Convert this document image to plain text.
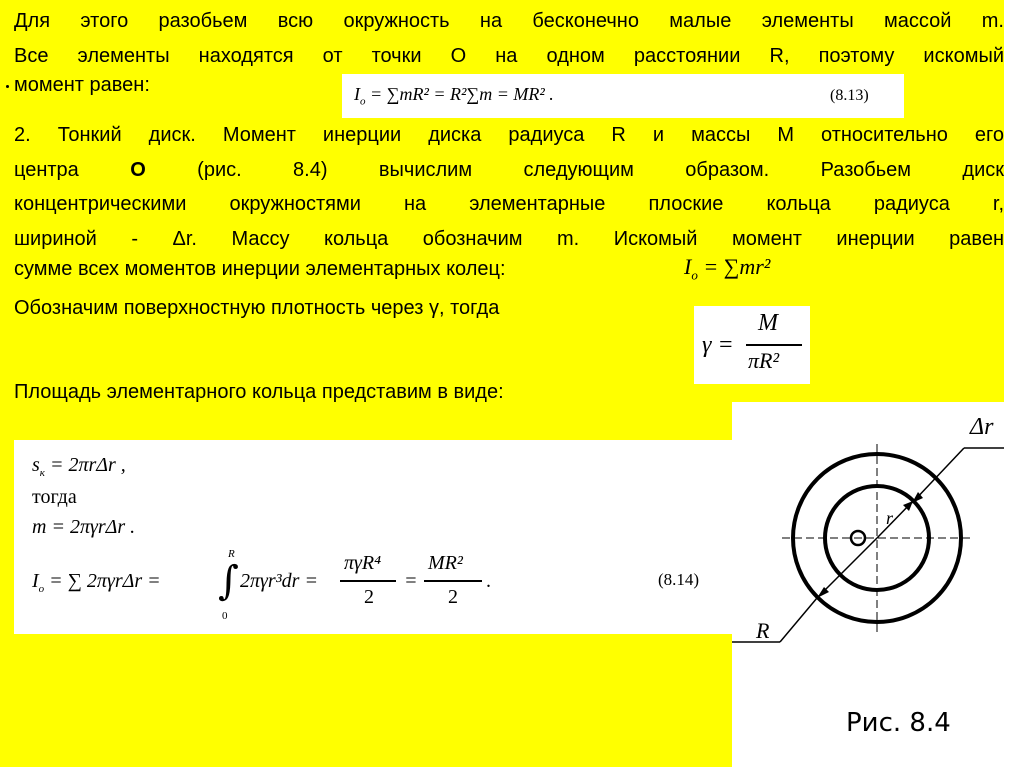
Для этого разобьем всю окружность на бесконечно малые элементы массой m.
Все элементы находятся от точки О на одном расстоянии R, поэтому искомый
момент равен:	$I_o = \sum mR^2 = R^2\sum m = MR^2$ .	(8.13)
2. Тонкий диск. Момент инерции диска радиуса R и массы M относительно его
центра	O	(рис. 8.4) вычислим следующим образом. Разобьем диск
концентрическими окружностями на элементарные плоские кольца радиуса r,
шириной - Δr. Массу кольца обозначим m. Искомый момент инерции равен
сумме всех моментов инерции элементарных колец:	$I_o = \sum mr^2$
Обозначим поверхностную плотность через γ, тогда
γ =
M
πR²
Площадь элементарного кольца представим в виде:
$s_к = 2\pi r\Delta r$ ,
тогда
m = 2πγrΔr .
$I_o$ = ∑ 2πγrΔr = ∫
R
0
2πγr³dr =
πγR⁴
2
=
MR²
2
.	(8.14)
Δr
r
R
Рис. 8.4
